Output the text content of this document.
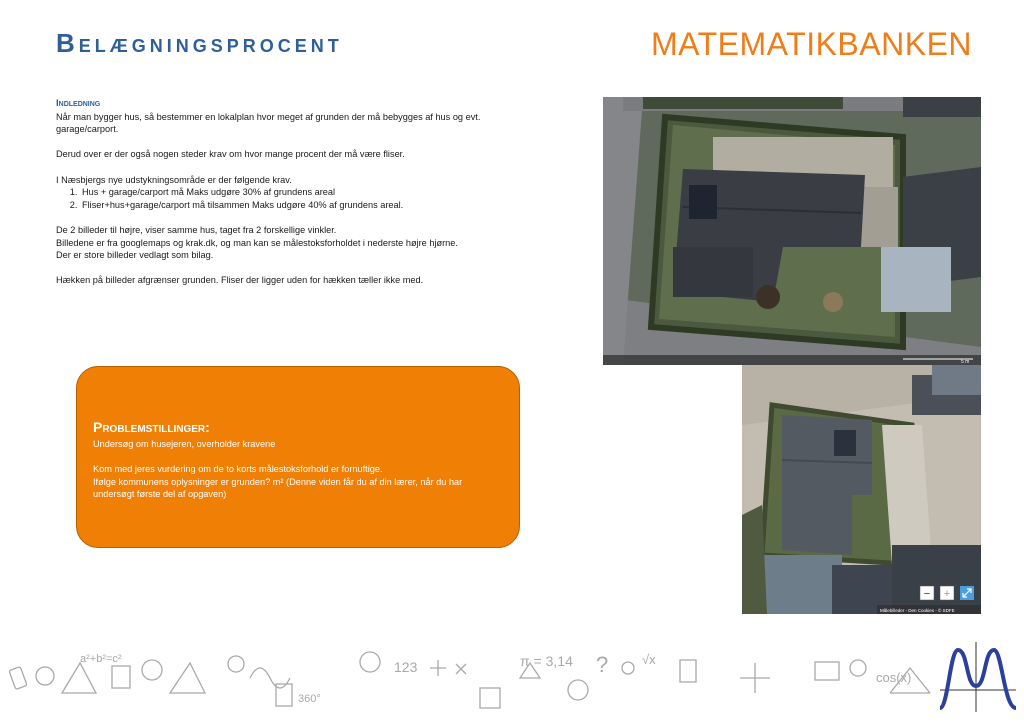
Belægningsprocent	MATEMATIKBANKEN
Indledning

Når man bygger hus, så bestemmer en lokalplan hvor meget af grunden der må bebygges af hus og evt. garage/carport.

Derud over er der også nogen steder krav om hvor mange procent der må være fliser.

I Næsbjergs nye udstykningsområde er der følgende krav.

1. Hus + garage/carport må Maks udgøre 30% af grundens areal
2. Fliser+hus+garage/carport må tilsammen Maks udgøre 40% af grundens areal.

De 2 billeder til højre, viser samme hus, taget fra 2 forskellige vinkler.

Billedene er fra googlemaps og krak.dk, og man kan se målestoksforholdet i nederste højre hjørne.

Der er store billeder vedlagt som bilag.

Hækken på billeder afgrænser grunden. Fliser der ligger uden for hækken tæller ikke med.

5 m
− +
Målebilleder - Den Cookies - © SDFE
Problemstillinger:

Undersøg om husejeren, overholder kravene

Kom med jeres vurdering om de to korts målestoksforhold er fornuftige.

Ifølge kommunens oplysninger er grunden? m² (Denne viden får du af din lærer, når du har undersøgt første del af opgaven)

a²+b²=c²
360°
123	π = 3,14 ?	√x
cos(x)
